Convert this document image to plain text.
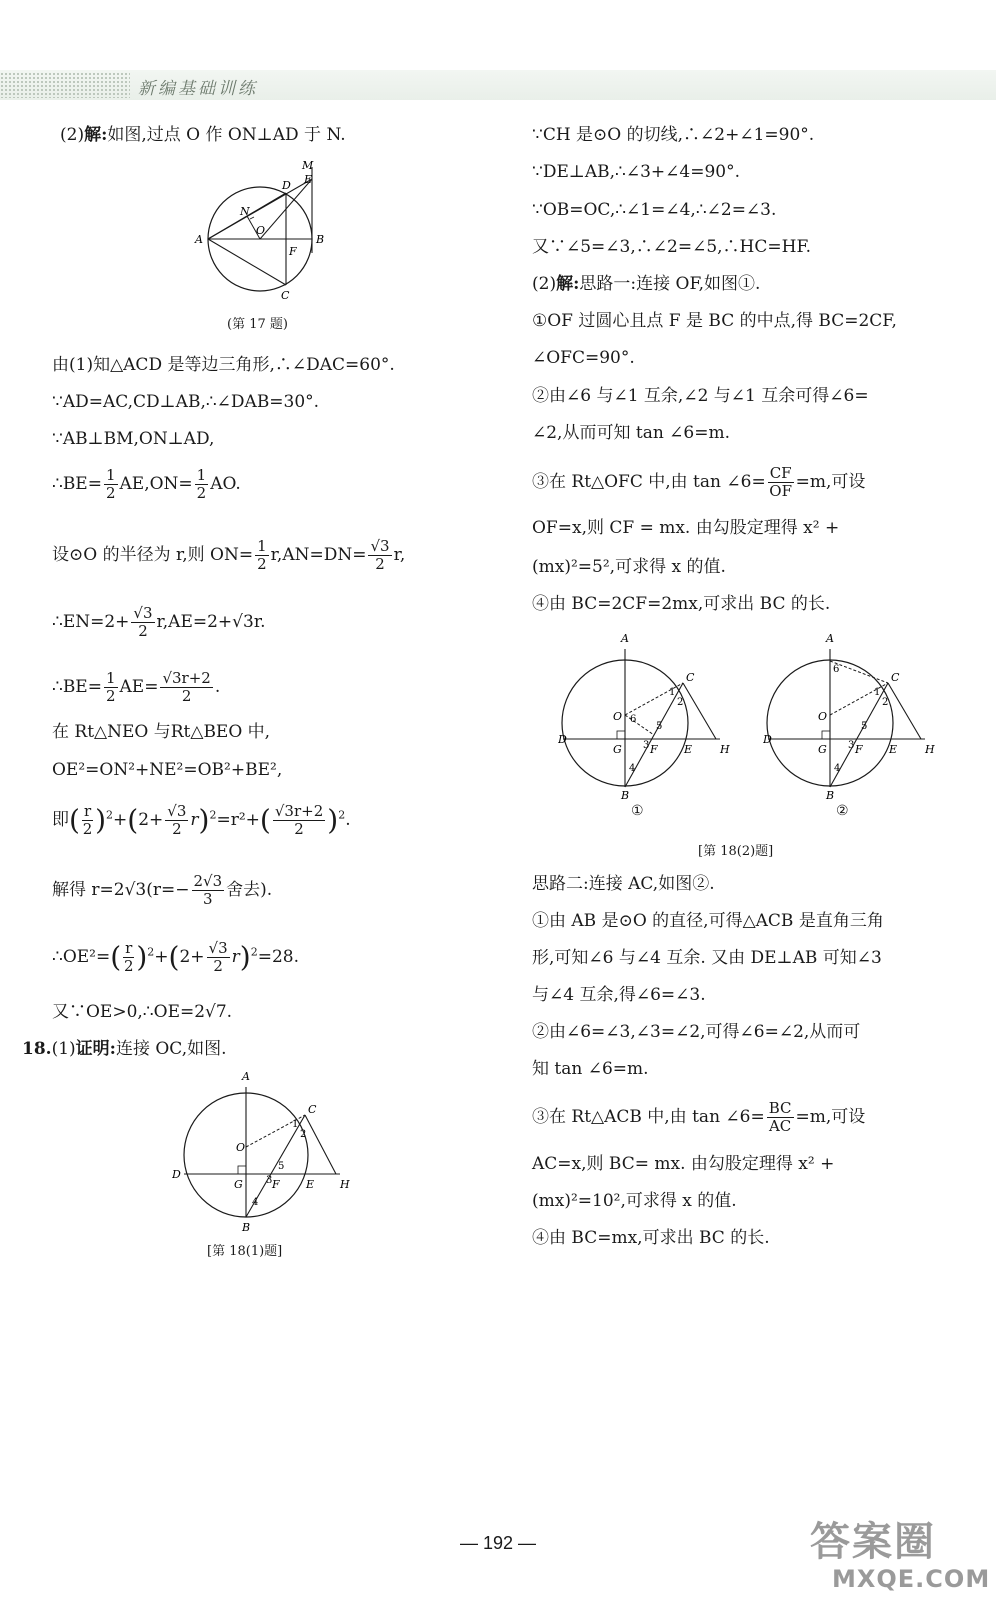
新编基础训练
(2)解:如图,过点 O 作 ON⊥AD 于 N.
M
E
D
A	B
N
O
F
C
(第 17 题)
由(1)知△ACD 是等边三角形,∴∠DAC=60°.
∵AD=AC,CD⊥AB,∴∠DAB=30°.
∵AB⊥BM,ON⊥AD,
∴BE= $\frac{1}{2} AE,ON= \frac{1}{2}$ AO.
设⊙O 的半径为 r,则 $ON= \frac{1}{2} r,AN=DN= \frac{√3}{2} r$,
∴EN=2+ $\frac{√3}{2} r,AE=2+√3r$.
∴BE= $\frac{1}{2} AE= \frac{√3r+2}{2}$ .
在 Rt△NEO 与Rt△BEO 中,
OE²=ON²+NE²=OB²+BE²,
即( $\frac{r}{2} )^2+(2+ \frac{√3}{2} r)^2=r^2+( \frac{√3r+2}{2} )^2$.
解得 $r=2√3(r=- \frac{2√3}{3}$ 舍去).
∴OE²=( $\frac{r}{2} )^2+(2+ \frac{√3}{2} r)^2=28$.
又∵OE>0,∴OE=2√7.
18.(1)证明:连接 OC,如图.
A
C
O
D
G	F E H
B
1
2
3
4
5
[第 18(1)题]
∵CH 是⊙O 的切线,∴∠2+∠1=90°.
∵DE⊥AB,∴∠3+∠4=90°.
∵OB=OC,∴∠1=∠4,∴∠2=∠3.
又∵∠5=∠3,∴∠2=∠5,∴HC=HF.
(2)解:思路一:连接 OF,如图①.
①OF 过圆心且点 F 是 BC 的中点,得 BC=2CF,
∠OFC=90°.
②由∠6 与∠1 互余,∠2 与∠1 互余可得∠6=
∠2,从而可知 tan ∠6=m.
③在 Rt△OFC 中,由 tan ∠6= $\frac{CF}{OF} =m$,可设
OF=x,则 CF = mx. 由勾股定理得 x² +
(mx)²=5²,可求得 x 的值.
④由 BC=2CF=2mx,可求出 BC 的长.
A
C
O
D
G	F E	H
B
1
2
3
4
5
6
A
C
O
D
G	F E	H
B
1
2
3
4
5
6
①	②
[第 18(2)题]
思路二:连接 AC,如图②.
①由 AB 是⊙O 的直径,可得△ACB 是直角三角
形,可知∠6 与∠4 互余. 又由 DE⊥AB 可知∠3
与∠4 互余,得∠6=∠3.
②由∠6=∠3,∠3=∠2,可得∠6=∠2,从而可
知 tan ∠6=m.
③在 Rt△ACB 中,由 tan ∠6= $\frac{BC}{AC} =m$,可设
AC=x,则 BC= mx. 由勾股定理得 x² +
(mx)²=10²,可求得 x 的值.
④由 BC=mx,可求出 BC 的长.
— 192 —	答案圈
MXQE.COM
